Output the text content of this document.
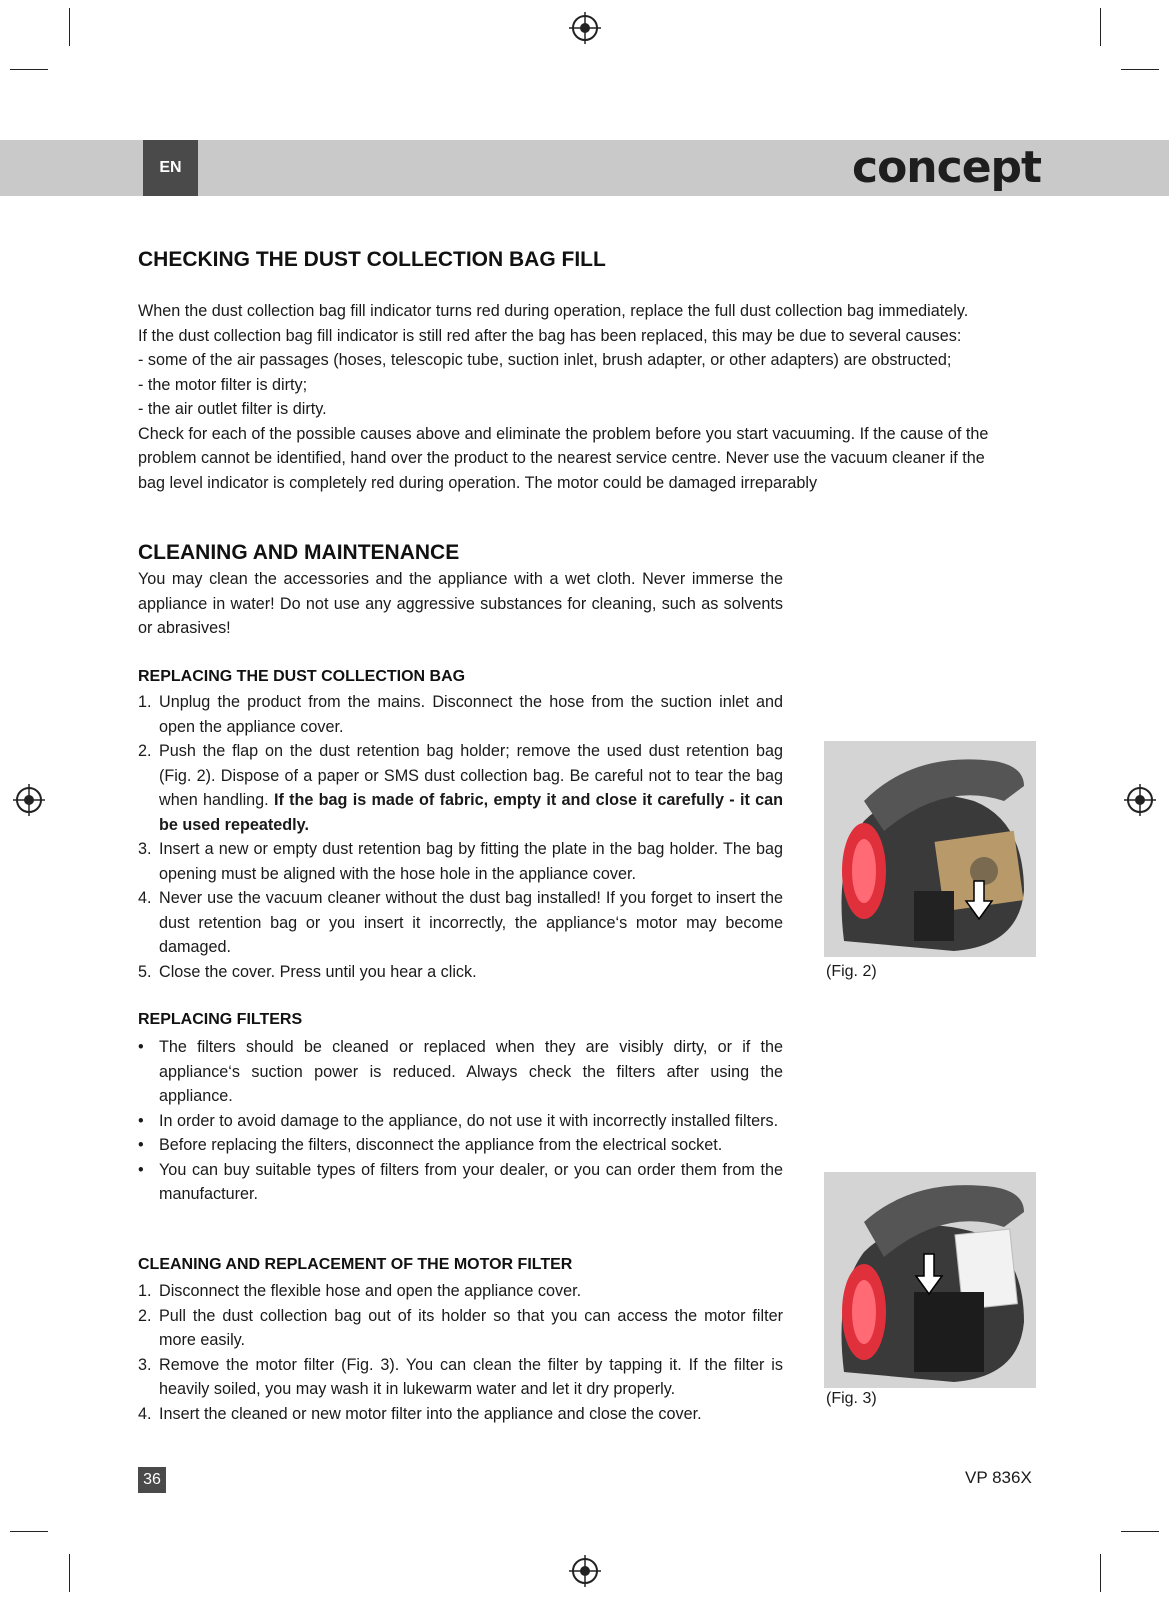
EN	concept
CHECKING THE DUST COLLECTION BAG FILL
When the dust collection bag fill indicator turns red during operation, replace the full dust collection bag immediately.
If the dust collection bag fill indicator is still red after the bag has been replaced, this may be due to several causes:
- some of the air passages (hoses, telescopic tube, suction inlet, brush adapter, or other adapters) are obstructed;
- the motor filter is dirty;
- the air outlet filter is dirty.
Check for each of the possible causes above and eliminate the problem before you start vacuuming. If the cause of the
problem cannot be identified, hand over the product to the nearest service centre. Never use the vacuum cleaner if the
bag level indicator is completely red during operation. The motor could be damaged irreparably
CLEANING AND MAINTENANCE

You may clean the accessories and the appliance with a wet cloth. Never immerse the appliance in water! Do not use any aggressive substances for cleaning, such as solvents or abrasives!

REPLACING THE DUST COLLECTION BAG
1. Unplug the product from the mains. Disconnect the hose from the suction inlet and open the appliance cover.
2. Push the flap on the dust retention bag holder; remove the used dust retention bag (Fig. 2). Dispose of a paper or SMS dust collection bag. Be careful not to tear the bag when handling. If the bag is made of fabric, empty it and close it carefully - it can be used repeatedly.
3. Insert a new or empty dust retention bag by fitting the plate in the bag holder. The bag opening must be aligned with the hose hole in the appliance cover.
4. Never use the vacuum cleaner without the dust bag installed! If you forget to insert the dust retention bag or you insert it incorrectly, the appliance‘s motor may become damaged.
5. Close the cover. Press until you hear a click.
REPLACING FILTERS
• The filters should be cleaned or replaced when they are visibly dirty, or if the appliance‘s suction power is reduced. Always check the filters after using the appliance.
• In order to avoid damage to the appliance, do not use it with incorrectly installed filters.
• Before replacing the filters, disconnect the appliance from the electrical socket.
• You can buy suitable types of filters from your dealer, or you can order them from the manufacturer.
CLEANING AND REPLACEMENT OF THE MOTOR FILTER
1. Disconnect the flexible hose and open the appliance cover.
2. Pull the dust collection bag out of its holder so that you can access the motor filter more easily.
3. Remove the motor filter (Fig. 3). You can clean the filter by tapping it. If the filter is heavily soiled, you may wash it in lukewarm water and let it dry properly.
4. Insert the cleaned or new motor filter into the appliance and close the cover.
(Fig. 2)
(Fig. 3)
36	VP 836X
